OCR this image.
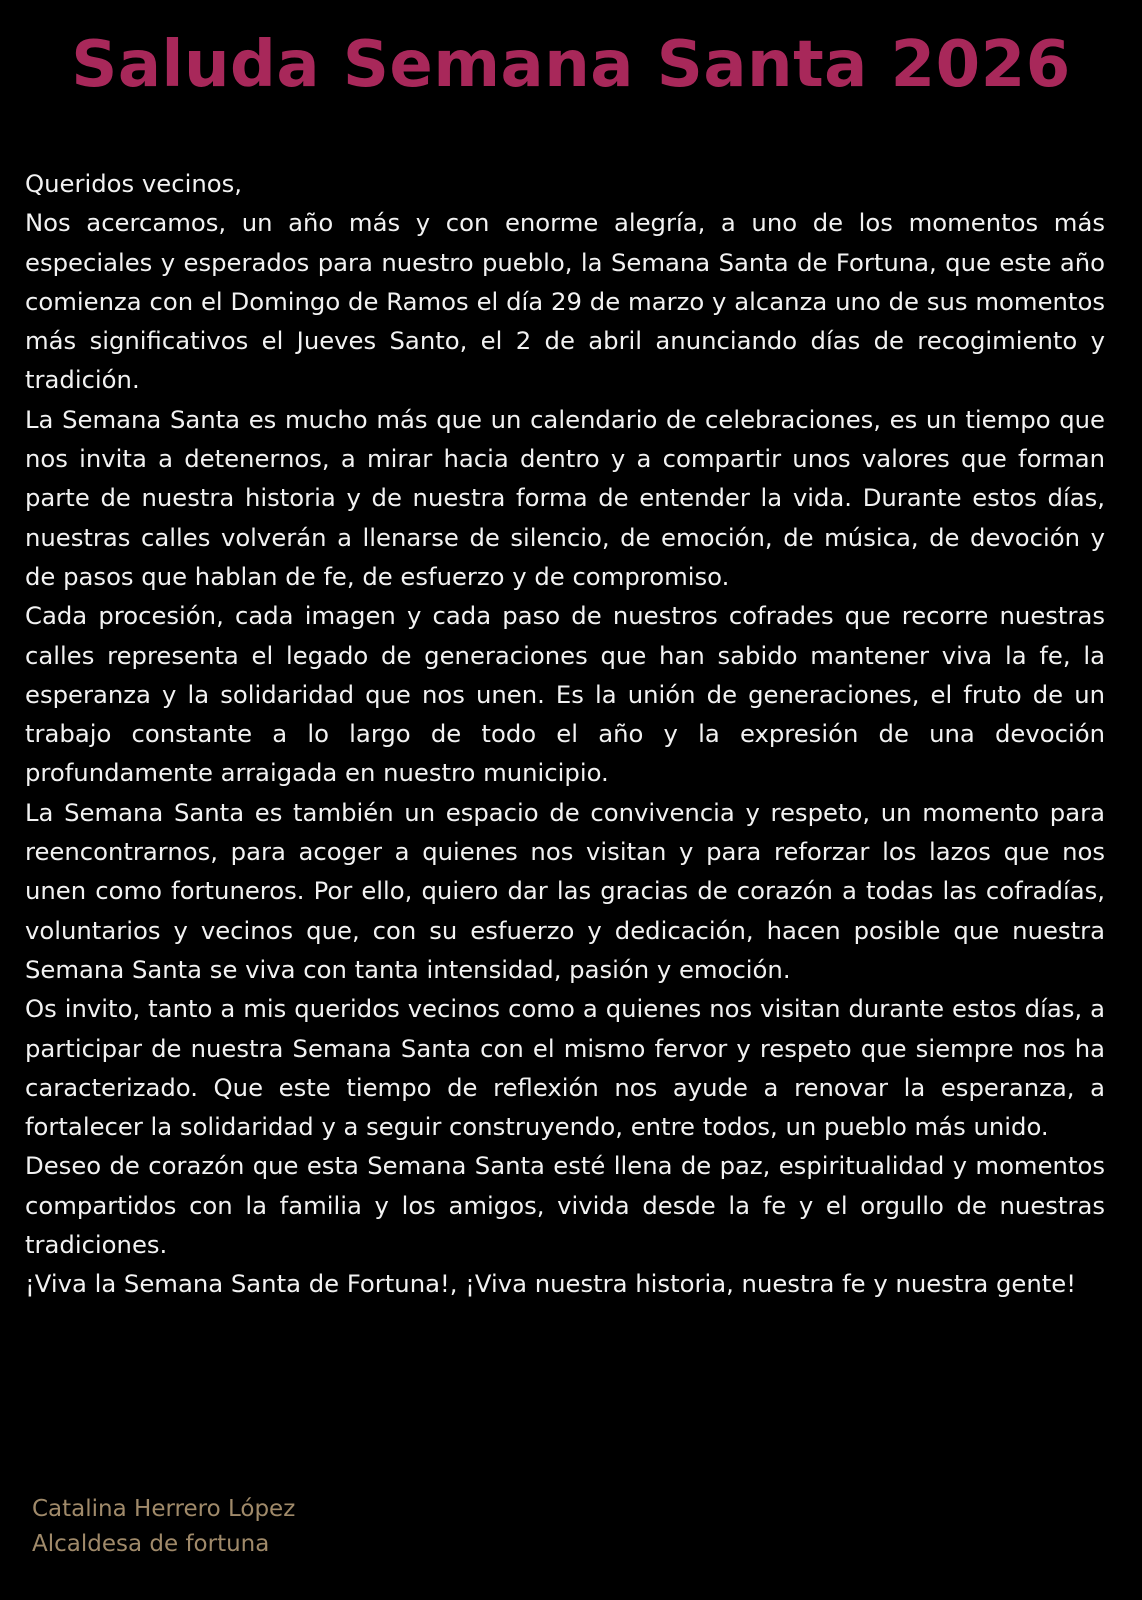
Saluda Semana Santa 2026

Queridos vecinos,

Nos acercamos, un año más y con enorme alegría, a uno de los momentos más especiales y esperados para nuestro pueblo, la Semana Santa de Fortuna, que este año comienza con el Domingo de Ramos el día 29 de marzo y alcanza uno de sus momentos más significativos el Jueves Santo, el 2 de abril anunciando días de recogimiento y tradición.

La Semana Santa es mucho más que un calendario de celebraciones, es un tiempo que nos invita a detenernos, a mirar hacia dentro y a compartir unos valores que forman parte de nuestra historia y de nuestra forma de entender la vida. Durante estos días, nuestras calles volverán a llenarse de silencio, de emoción, de música, de devoción y de pasos que hablan de fe, de esfuerzo y de compromiso.

Cada procesión, cada imagen y cada paso de nuestros cofrades que recorre nuestras calles representa el legado de generaciones que han sabido mantener viva la fe, la esperanza y la solidaridad que nos unen. Es la unión de generaciones, el fruto de un trabajo constante a lo largo de todo el año y la expresión de una devoción profundamente arraigada en nuestro municipio.

La Semana Santa es también un espacio de convivencia y respeto, un momento para reencontrarnos, para acoger a quienes nos visitan y para reforzar los lazos que nos unen como fortuneros. Por ello, quiero dar las gracias de corazón a todas las cofradías, voluntarios y vecinos que, con su esfuerzo y dedicación, hacen posible que nuestra Semana Santa se viva con tanta intensidad, pasión y emoción.

Os invito, tanto a mis queridos vecinos como a quienes nos visitan durante estos días, a participar de nuestra Semana Santa con el mismo fervor y respeto que siempre nos ha caracterizado. Que este tiempo de reflexión nos ayude a renovar la esperanza, a fortalecer la solidaridad y a seguir construyendo, entre todos, un pueblo más unido.

Deseo de corazón que esta Semana Santa esté llena de paz, espiritualidad y momentos compartidos con la familia y los amigos, vivida desde la fe y el orgullo de nuestras tradiciones.

¡Viva la Semana Santa de Fortuna!, ¡Viva nuestra historia, nuestra fe y nuestra gente!

Catalina Herrero López
Alcaldesa de fortuna
